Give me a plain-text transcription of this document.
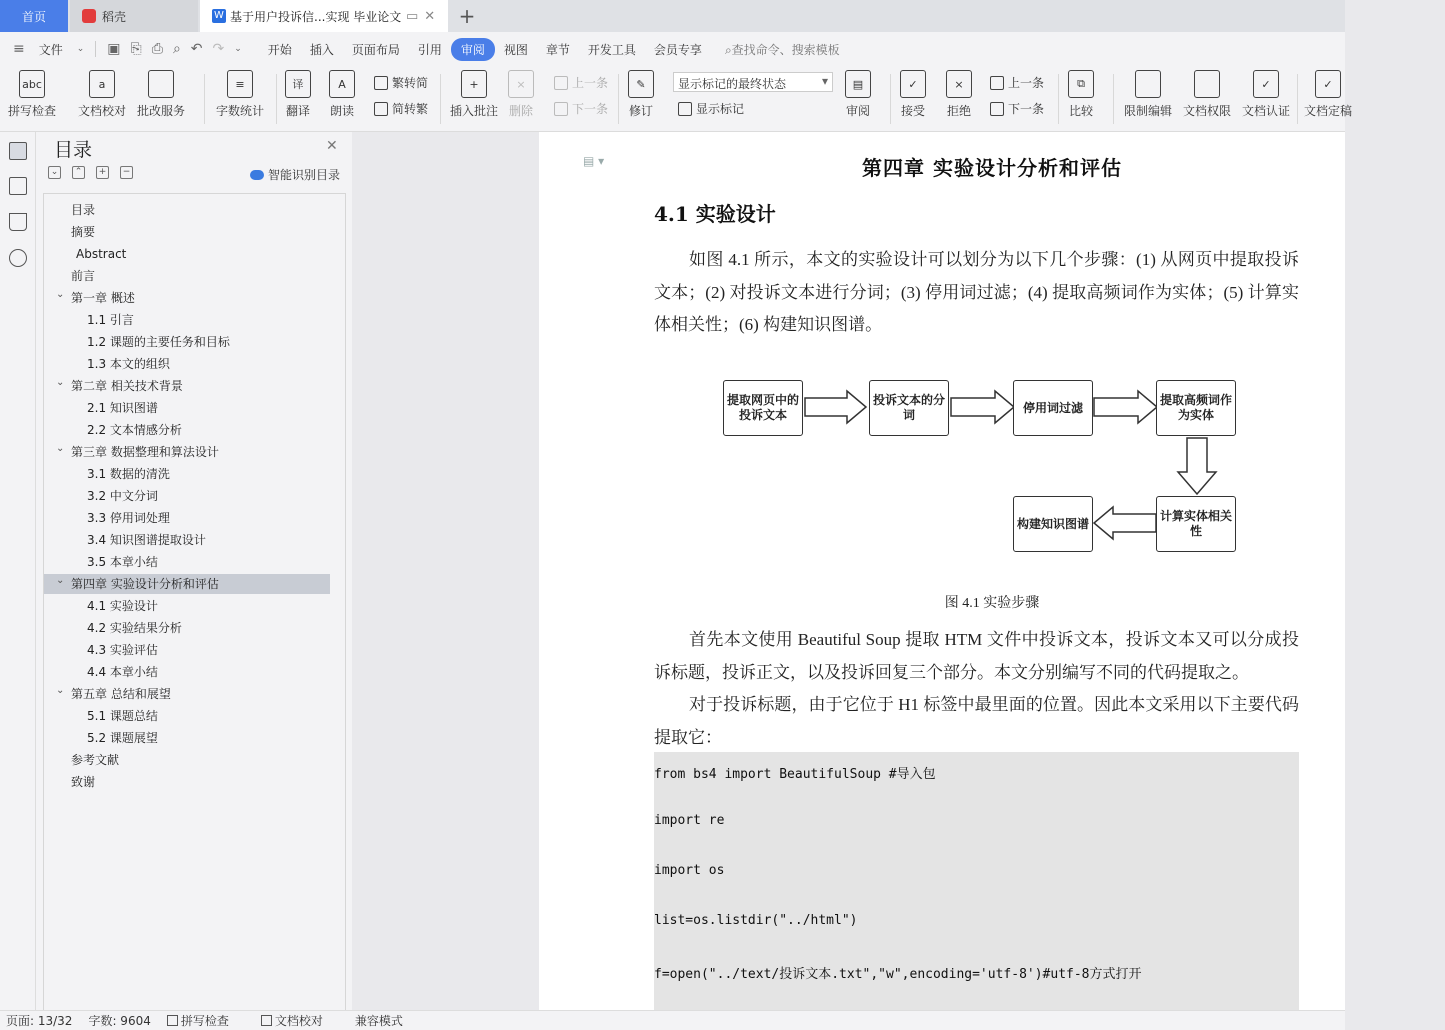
首页	稻壳	W 基于用户投诉信...实现 毕业论文 ▭ ✕	+
≡	文件	⌄	▣ ⎘ ⎙ ⌕ ↶ ↷	⌄	开始	插入	页面布局	引用	审阅	视图	章节	开发工具	会员专享	⌕查找命令、搜索模板
abc
拼写检查
a
文档校对 批改服务
≡
字数统计
译
翻译
A
朗读
繁转简
简转繁
+
插入批注
×
删除
上一条
下一条
✎
修订
显示标记的最终状态 ▾
显示标记
▤
审阅
✓
接受
×
拒绝
上一条
下一条
⧉
比较	限制编辑 文档权限
✓
文档认证
✓
文档定稿
目录	✕
⌄	⌃	+	−	智能识别目录
目录
摘要
Abstract
前言
⌄ 第一章 概述
1.1 引言
1.2 课题的主要任务和目标
1.3 本文的组织
⌄ 第二章 相关技术背景
2.1 知识图谱
2.2 文本情感分析
⌄ 第三章 数据整理和算法设计
3.1 数据的清洗
3.2 中文分词
3.3 停用词处理
3.4 知识图谱提取设计
3.5 本章小结
⌄ 第四章 实验设计分析和评估
4.1 实验设计
4.2 实验结果分析
4.3 实验评估
4.4 本章小结
⌄ 第五章 总结和展望
5.1 课题总结
5.2 课题展望
参考文献
致谢
▤ ▾	第四章 实验设计分析和评估
4.1 实验设计
如图 4.1 所示，本文的实验设计可以划分为以下几个步骤：(1) 从网页中提取投诉文本；(2) 对投诉文本进行分词；(3) 停用词过滤；(4) 提取高频词作为实体；(5) 计算实体相关性；(6) 构建知识图谱。
提取网页中的投诉文本
投诉文本的分词
停用词过滤
提取高频词作为实体
计算实体相关性
构建知识图谱
图 4.1 实验步骤
首先本文使用 Beautiful Soup 提取 HTM 文件中投诉文本，投诉文本又可以分成投诉标题，投诉正文，以及投诉回复三个部分。本文分别编写不同的代码提取之。
对于投诉标题，由于它位于 H1 标签中最里面的位置。因此本文采用以下主要代码提取它：
from bs4 import BeautifulSoup #导入包
import re
import os
list=os.listdir("../html")
f=open("../text/投诉文本.txt","w",encoding='utf-8')#utf-8方式打开
页面: 13/32 字数: 9604	拼写检查	文档校对	兼容模式
